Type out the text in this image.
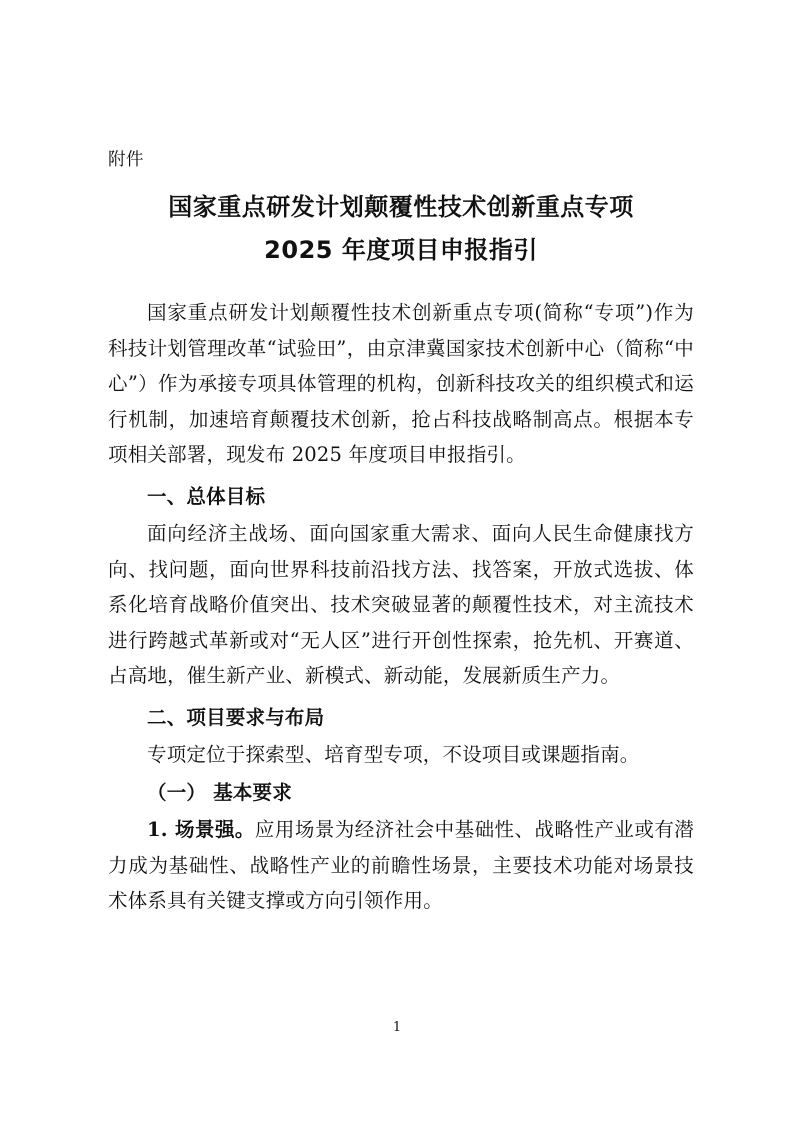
附件
国家重点研发计划颠覆性技术创新重点专项
2025 年度项目申报指引

国家重点研发计划颠覆性技术创新重点专项(简称“专项”)作为科技计划管理改革“试验田”，由京津冀国家技术创新中心（简称“中心”）作为承接专项具体管理的机构，创新科技攻关的组织模式和运行机制，加速培育颠覆技术创新，抢占科技战略制高点。根据本专项相关部署，现发布 2025 年度项目申报指引。

一、总体目标

面向经济主战场、面向国家重大需求、面向人民生命健康找方向、找问题，面向世界科技前沿找方法、找答案，开放式选拔、体系化培育战略价值突出、技术突破显著的颠覆性技术，对主流技术进行跨越式革新或对“无人区”进行开创性探索，抢先机、开赛道、占高地，催生新产业、新模式、新动能，发展新质生产力。

二、项目要求与布局

专项定位于探索型、培育型专项，不设项目或课题指南。

（一） 基本要求

1. 场景强。应用场景为经济社会中基础性、战略性产业或有潜力成为基础性、战略性产业的前瞻性场景，主要技术功能对场景技术体系具有关键支撑或方向引领作用。

1
